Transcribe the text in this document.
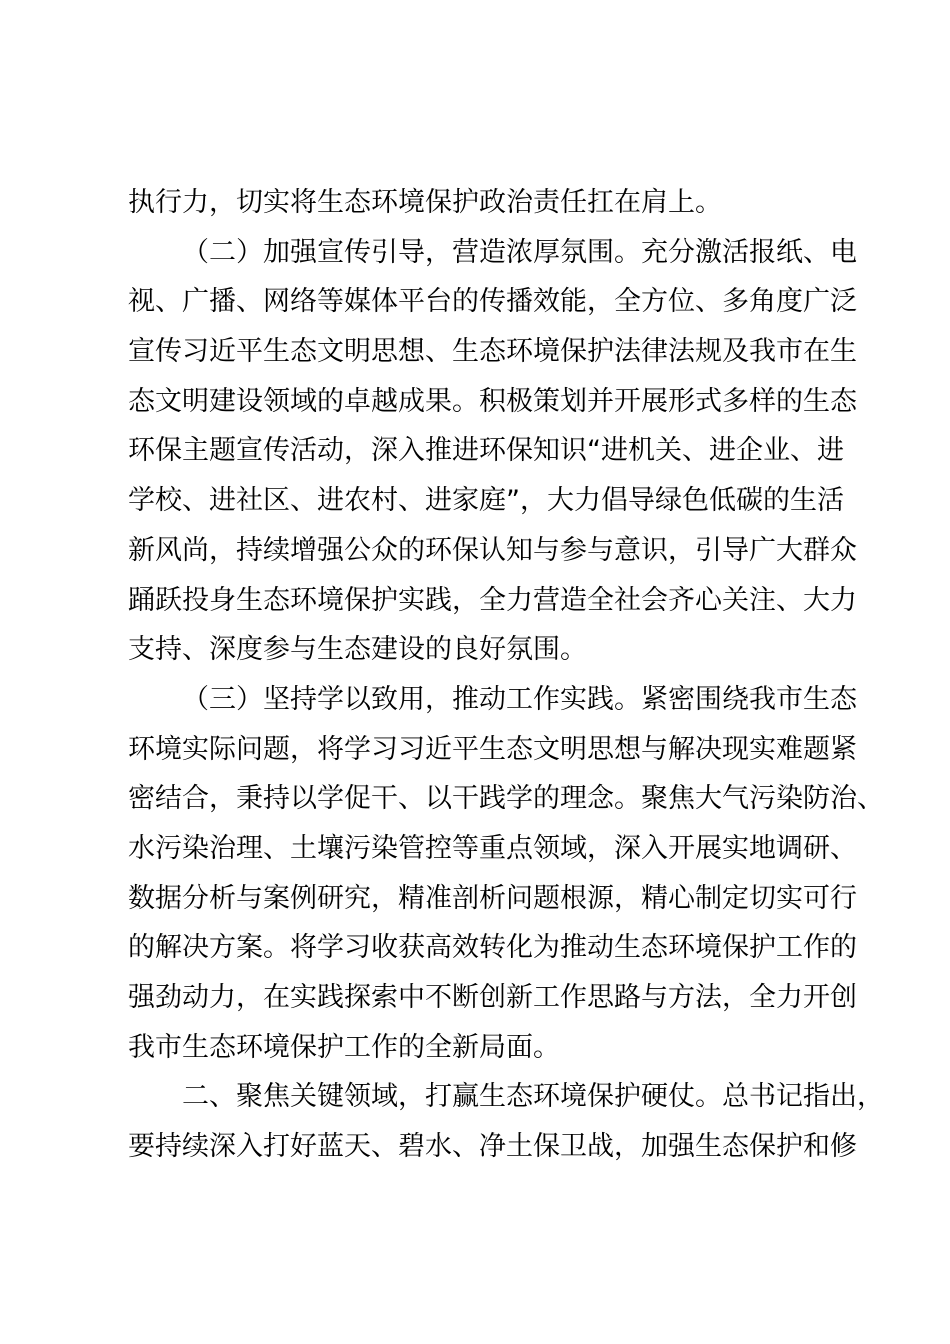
执行力，切实将生态环境保护政治责任扛在肩上。
（二）加强宣传引导，营造浓厚氛围。充分激活报纸、电
视、广播、网络等媒体平台的传播效能，全方位、多角度广泛
宣传习近平生态文明思想、生态环境保护法律法规及我市在生
态文明建设领域的卓越成果。积极策划并开展形式多样的生态
环保主题宣传活动，深入推进环保知识“进机关、进企业、进
学校、进社区、进农村、进家庭”，大力倡导绿色低碳的生活
新风尚，持续增强公众的环保认知与参与意识，引导广大群众
踊跃投身生态环境保护实践，全力营造全社会齐心关注、大力
支持、深度参与生态建设的良好氛围。
（三）坚持学以致用，推动工作实践。紧密围绕我市生态
环境实际问题，将学习习近平生态文明思想与解决现实难题紧
密结合，秉持以学促干、以干践学的理念。聚焦大气污染防治、
水污染治理、土壤污染管控等重点领域，深入开展实地调研、
数据分析与案例研究，精准剖析问题根源，精心制定切实可行
的解决方案。将学习收获高效转化为推动生态环境保护工作的
强劲动力，在实践探索中不断创新工作思路与方法，全力开创
我市生态环境保护工作的全新局面。
二、聚焦关键领域，打赢生态环境保护硬仗。总书记指出，
要持续深入打好蓝天、碧水、净土保卫战，加强生态保护和修
